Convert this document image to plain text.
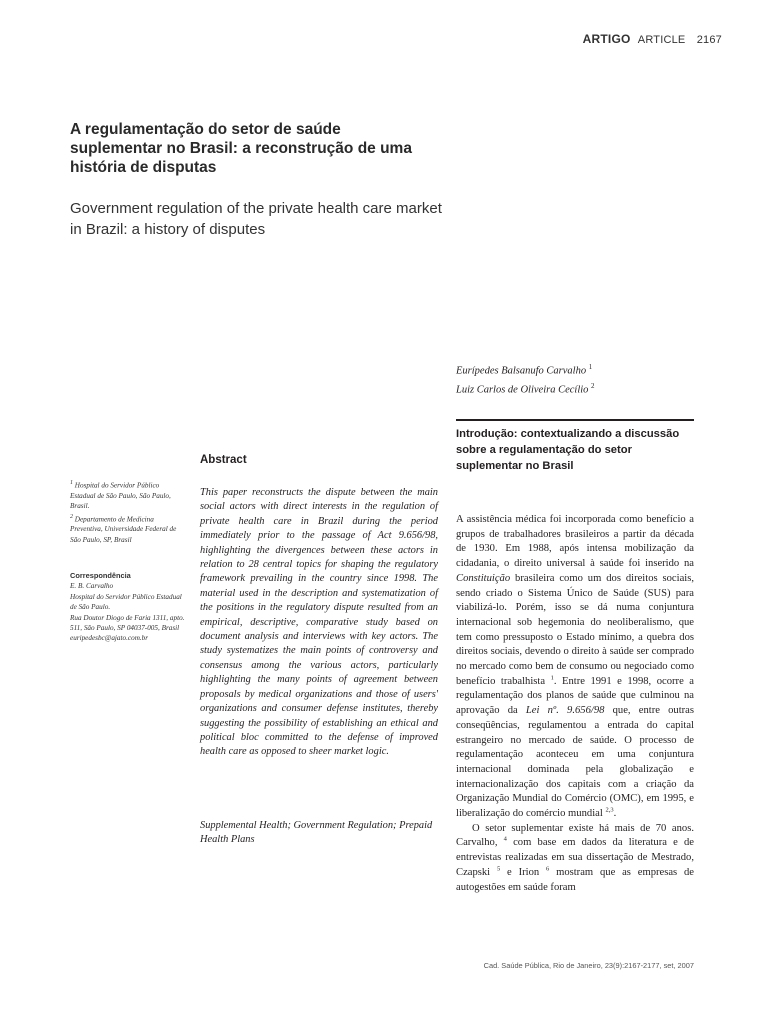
ARTIGO ARTICLE 2167
A regulamentação do setor de saúde suplementar no Brasil: a reconstrução de uma história de disputas
Government regulation of the private health care market in Brazil: a history of disputes
Eurípedes Balsanufo Carvalho $^1$
Luiz Carlos de Oliveira Cecílio $^2$
$^1$ Hospital do Servidor Público Estadual de São Paulo, São Paulo, Brasil.
$^2$ Departamento de Medicina Preventiva, Universidade Federal de São Paulo, SP, Brasil
Correspondência
E. B. Carvalho
Hospital do Servidor Público Estadual de São Paulo.
Rua Doutor Diogo de Faria 1311, apto. 511, São Paulo, SP 04037-005, Brasil
euripedesbc@ajato.com.br
Abstract
This paper reconstructs the dispute between the main social actors with direct interests in the regulation of private health care in Brazil during the period immediately prior to the passage of Act 9.656/98, highlighting the divergences between these actors in relation to 28 central topics for shaping the regulatory framework prevailing in the country since 1998. The material used in the description and systematization of the positions in the regulatory dispute resulted from an empirical, descriptive, comparative study based on document analysis and interviews with key actors. The study systematizes the main points of controversy and consensus among the various actors, particularly highlighting the many points of agreement between proposals by medical organizations and those of users' organizations and consumer defense institutes, thereby suggesting the possibility of establishing an ethical and political bloc committed to the defense of improved health care as opposed to sheer market logic.
Supplemental Health; Government Regulation; Prepaid Health Plans
Introdução: contextualizando a discussão sobre a regulamentação do setor suplementar no Brasil

A assistência médica foi incorporada como benefício a grupos de trabalhadores brasileiros a partir da década de 1930. Em 1988, após intensa mobilização da cidadania, o direito universal à saúde foi inserido na Constituição brasileira como um dos direitos sociais, sendo criado o Sistema Único de Saúde (SUS) para viabilizá-lo. Porém, isso se dá numa conjuntura internacional sob hegemonia do neoliberalismo, que tem como pressuposto o Estado mínimo, a quebra dos direitos sociais, devendo o direito à saúde ser comprado no mercado como bem de consumo ou negociado como benefício trabalhista $^1$. Entre 1991 e 1998, ocorre a regulamentação dos planos de saúde que culminou na aprovação da Lei nº. 9.656/98 que, entre outras conseqüências, regulamentou a entrada do capital estrangeiro no mercado de saúde. O processo de regulamentação aconteceu em uma conjuntura internacional dominada pela globalização e internacionalização dos capitais com a criação da Organização Mundial do Comércio (OMC), em 1995, e liberalização do comércio mundial $^{2,3}$.

O setor suplementar existe há mais de 70 anos. Carvalho, $^4$ com base em dados da literatura e de entrevistas realizadas em sua dissertação de Mestrado, Czapski $^5$ e Irion $^6$ mostram que as empresas de autogestões em saúde foram

Cad. Saúde Pública, Rio de Janeiro, 23(9):2167-2177, set, 2007
